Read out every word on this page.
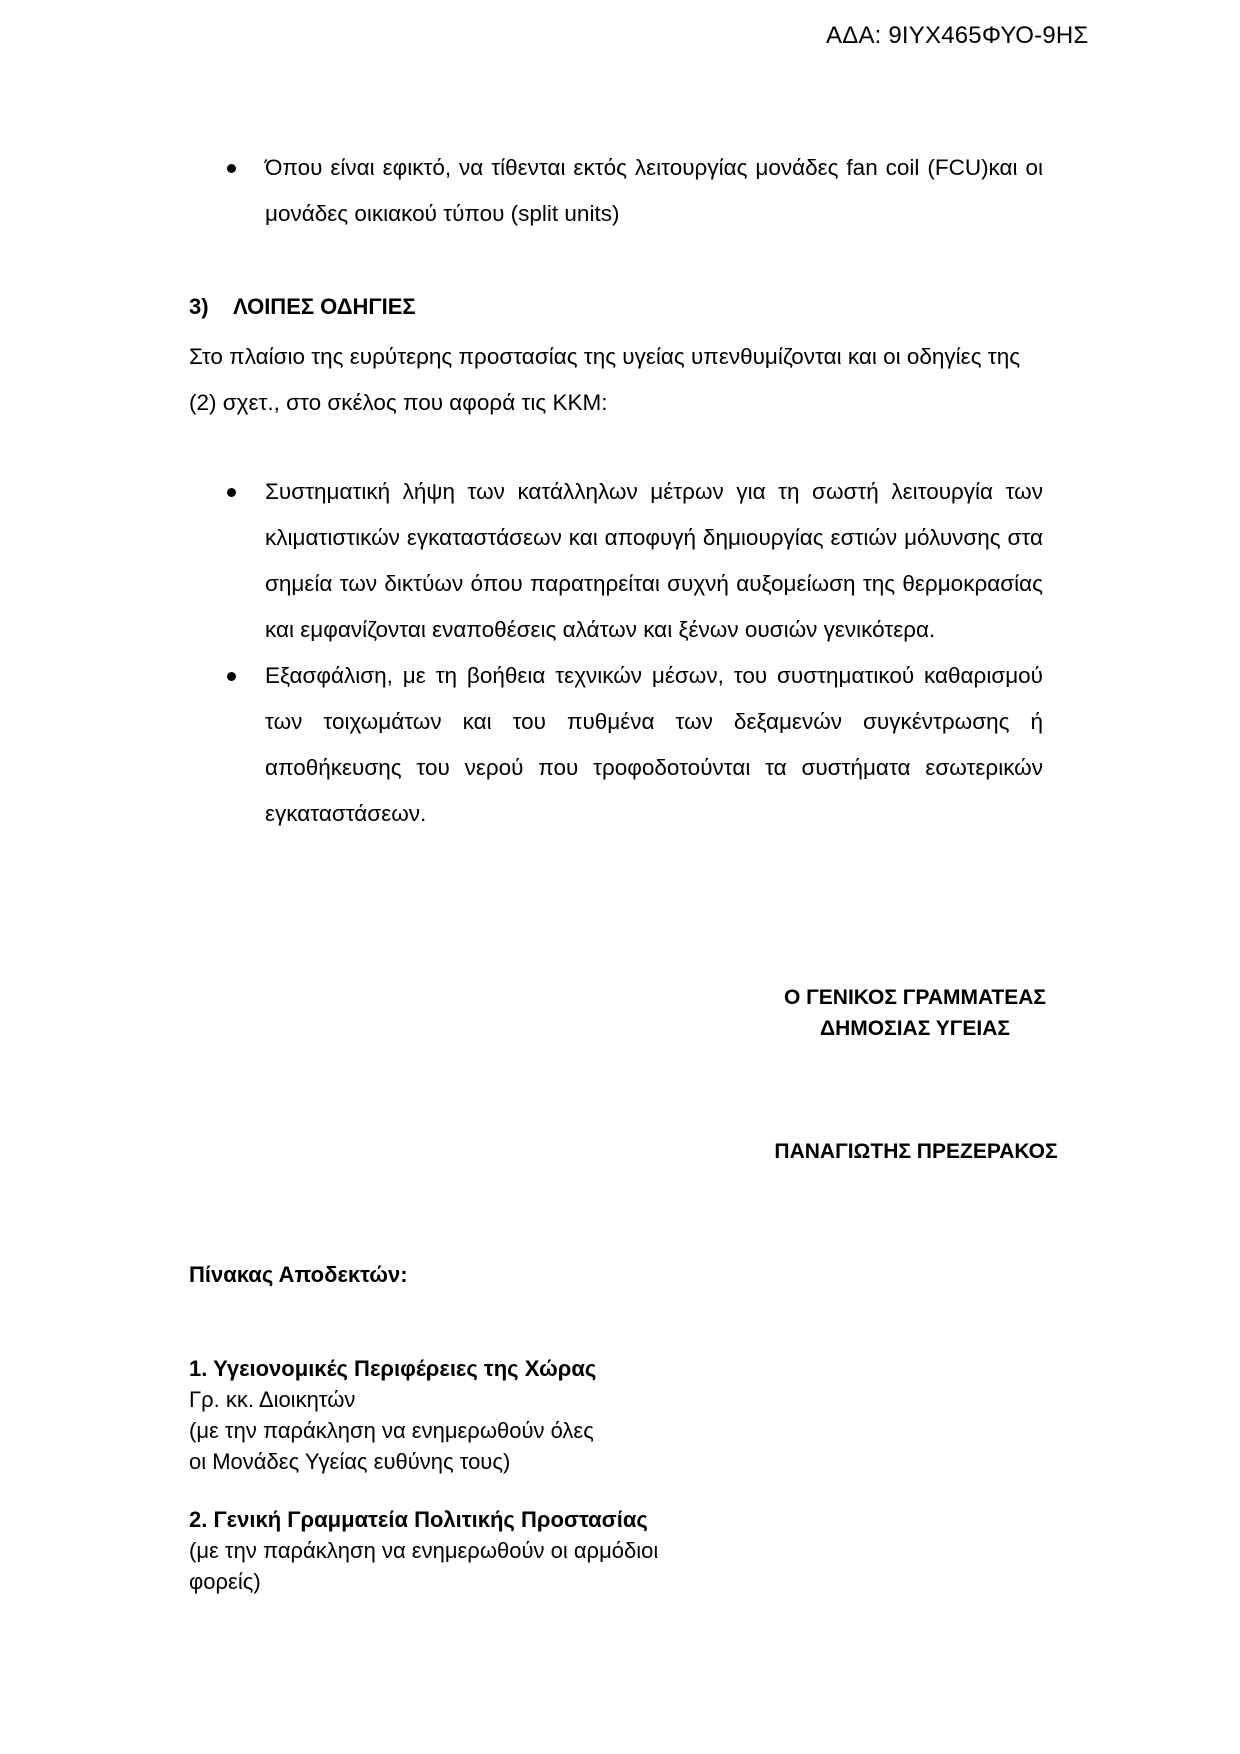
ΑΔΑ: 9ΙΥΧ465ΦΥΟ-9ΗΣ
Όπου είναι εφικτό, να τίθενται εκτός λειτουργίας μονάδες fan coil (FCU)και οι μονάδες οικιακού τύπου (split units)
3) ΛΟΙΠΕΣ ΟΔΗΓΙΕΣ
Στο πλαίσιο της ευρύτερης προστασίας της υγείας υπενθυμίζονται και οι οδηγίες της (2) σχετ., στο σκέλος που αφορά τις ΚΚΜ:
Συστηματική λήψη των κατάλληλων μέτρων για τη σωστή λειτουργία των κλιματιστικών εγκαταστάσεων και αποφυγή δημιουργίας εστιών μόλυνσης στα σημεία των δικτύων όπου παρατηρείται συχνή αυξομείωση της θερμοκρασίας και εμφανίζονται εναποθέσεις αλάτων και ξένων ουσιών γενικότερα.
Εξασφάλιση, με τη βοήθεια τεχνικών μέσων, του συστηματικού καθαρισμού των τοιχωμάτων και του πυθμένα των δεξαμενών συγκέντρωσης ή αποθήκευσης του νερού που τροφοδοτούνται τα συστήματα εσωτερικών εγκαταστάσεων.
Ο ΓΕΝΙΚΟΣ ΓΡΑΜΜΑΤΕΑΣ
ΔΗΜΟΣΙΑΣ ΥΓΕΙΑΣ
ΠΑΝΑΓΙΩΤΗΣ ΠΡΕΖΕΡΑΚΟΣ
Πίνακας Αποδεκτών:
1. Υγειονομικές Περιφέρειες της Χώρας
Γρ. κκ. Διοικητών
(με την παράκληση να ενημερωθούν όλες
οι Μονάδες Υγείας ευθύνης τους)
2. Γενική Γραμματεία Πολιτικής Προστασίας
(με την παράκληση να ενημερωθούν οι αρμόδιοι
φορείς)
